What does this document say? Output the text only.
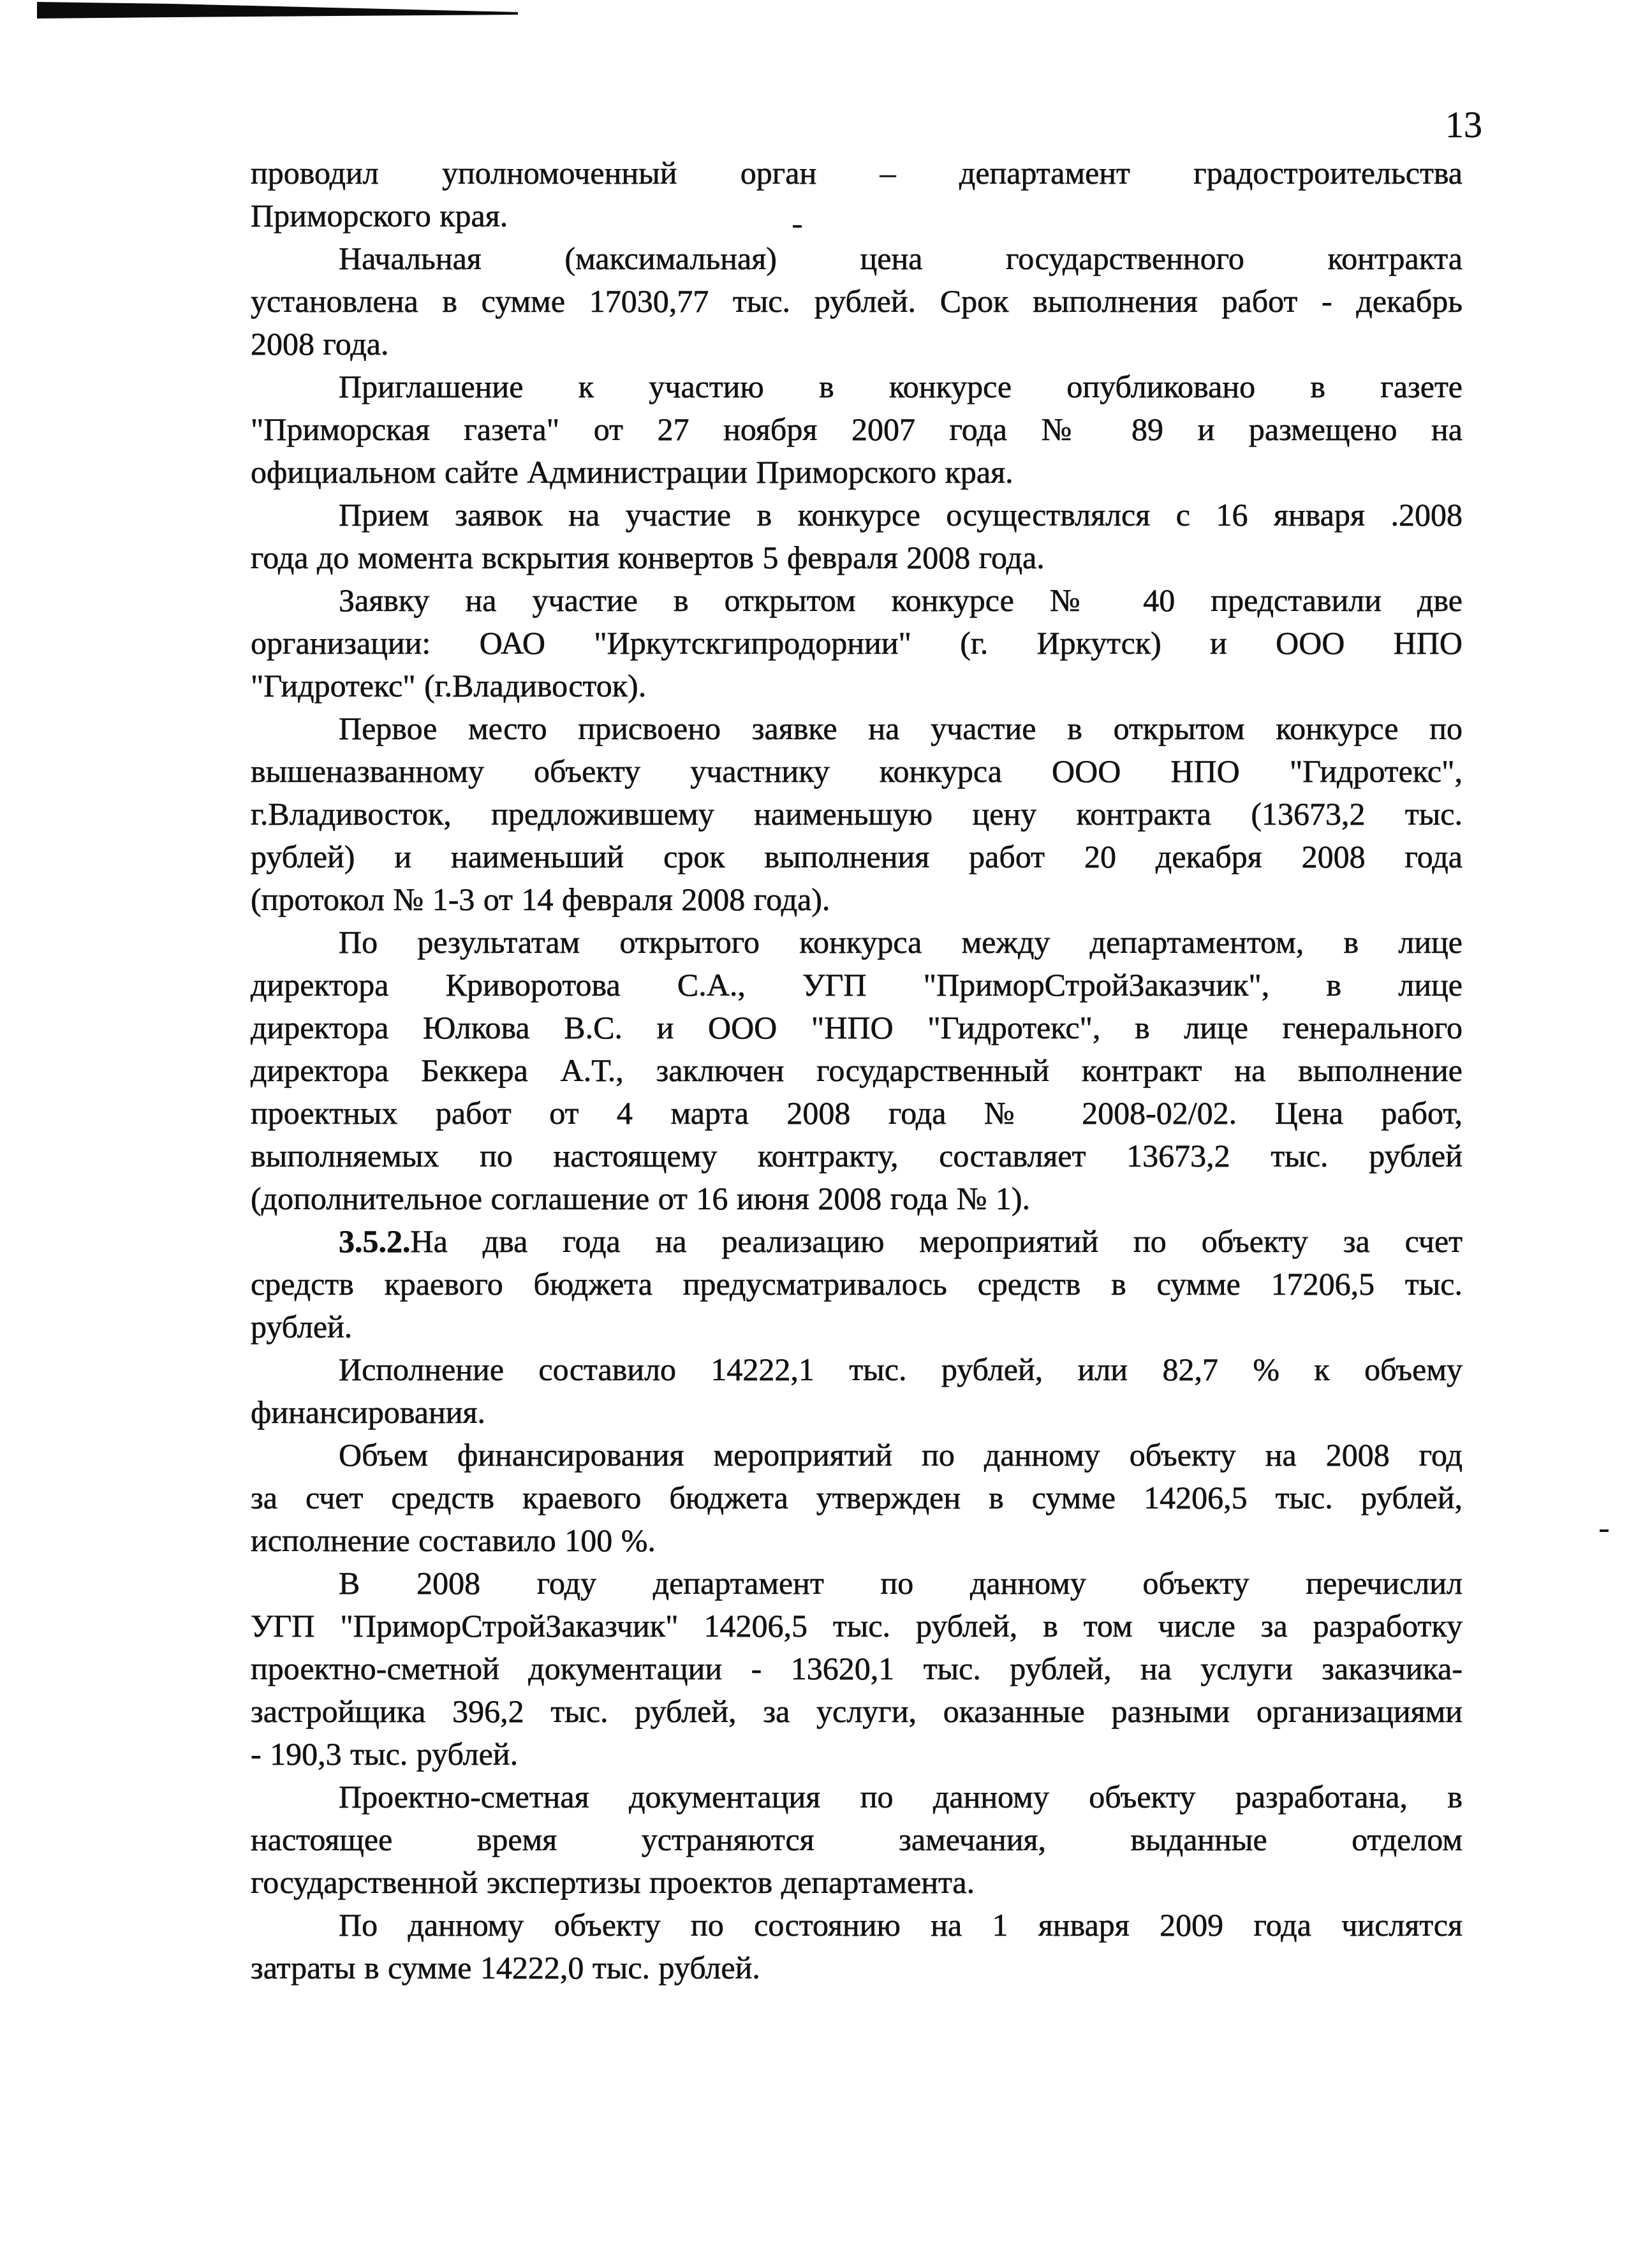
13
проводил уполномоченный орган – департамент градостроительства
Приморского края.
Начальная (максимальная) цена государственного контракта
установлена в сумме 17030,77 тыс. рублей. Срок выполнения работ - декабрь
2008 года.
Приглашение к участию в конкурсе опубликовано в газете
"Приморская газета" от 27 ноября 2007 года № 89 и размещено на
официальном сайте Администрации Приморского края.
Прием заявок на участие в конкурсе осуществлялся с 16 января .2008
года до момента вскрытия конвертов 5 февраля 2008 года.
Заявку на участие в открытом конкурсе № 40 представили две
организации: ОАО "Иркутскгипродорнии" (г. Иркутск) и ООО НПО
"Гидротекс" (г.Владивосток).
Первое место присвоено заявке на участие в открытом конкурсе по
вышеназванному объекту участнику конкурса ООО НПО "Гидротекс",
г.Владивосток, предложившему наименьшую цену контракта (13673,2 тыс.
рублей) и наименьший срок выполнения работ 20 декабря 2008 года
(протокол № 1-3 от 14 февраля 2008 года).
По результатам открытого конкурса между департаментом, в лице
директора Криворотова С.А., УГП "ПриморСтройЗаказчик", в лице
директора Юлкова В.С. и ООО "НПО "Гидротекс", в лице генерального
директора Беккера А.Т., заключен государственный контракт на выполнение
проектных работ от 4 марта 2008 года № 2008-02/02. Цена работ,
выполняемых по настоящему контракту, составляет 13673,2 тыс. рублей
(дополнительное соглашение от 16 июня 2008 года № 1).
3.5.2.На два года на реализацию мероприятий по объекту за счет
средств краевого бюджета предусматривалось средств в сумме 17206,5 тыс.
рублей.
Исполнение составило 14222,1 тыс. рублей, или 82,7 % к объему
финансирования.
Объем финансирования мероприятий по данному объекту на 2008 год
за счет средств краевого бюджета утвержден в сумме 14206,5 тыс. рублей,
исполнение составило 100 %.
В 2008 году департамент по данному объекту перечислил
УГП "ПриморСтройЗаказчик" 14206,5 тыс. рублей, в том числе за разработку
проектно-сметной документации - 13620,1 тыс. рублей, на услуги заказчика-
застройщика 396,2 тыс. рублей, за услуги, оказанные разными организациями
- 190,3 тыс. рублей.
Проектно-сметная документация по данному объекту разработана, в
настоящее время устраняются замечания, выданные отделом
государственной экспертизы проектов департамента.
По данному объекту по состоянию на 1 января 2009 года числятся
затраты в сумме 14222,0 тыс. рублей.
